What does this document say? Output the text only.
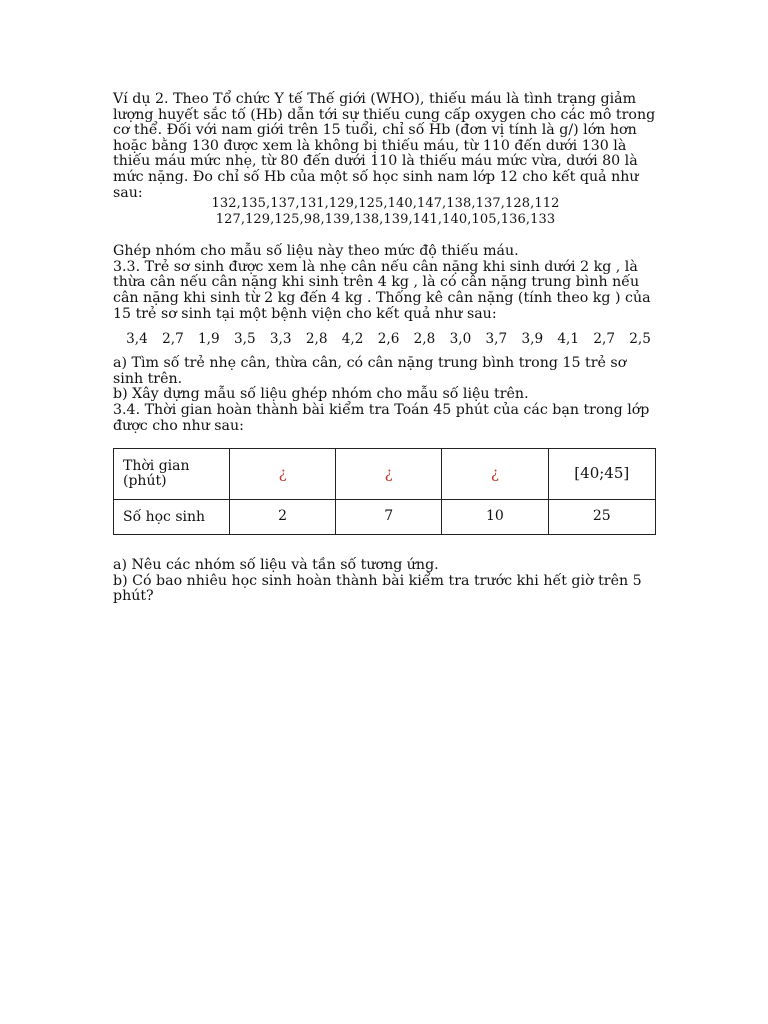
Ví dụ 2. Theo Tổ chức Y tế Thế giới (WHO), thiếu máu là tình trạng giảm lượng huyết sắc tố (Hb) dẫn tới sự thiếu cung cấp oxygen cho các mô trong cơ thể. Đối với nam giới trên 15 tuổi, chỉ số Hb (đơn vị tính là g/) lớn hơn hoặc bằng 130 được xem là không bị thiếu máu, từ 110 đến dưới 130 là thiếu máu mức nhẹ, từ 80 đến dưới 110 là thiếu máu mức vừa, dưới 80 là mức nặng. Đo chỉ số Hb của một số học sinh nam lớp 12 cho kết quả như sau:

132,135,137,131,129,125,140,147,138,137,128,112
127,129,125,98,139,138,139,141,140,105,136,133

Ghép nhóm cho mẫu số liệu này theo mức độ thiếu máu.

3.3. Trẻ sơ sinh được xem là nhẹ cân nếu cân nặng khi sinh dưới 2 kg , là thừa cân nếu cân nặng khi sinh trên 4 kg , là có cân nặng trung bình nếu cân nặng khi sinh từ 2 kg đến 4 kg . Thống kê cân nặng (tính theo kg ) của 15 trẻ sơ sinh tại một bệnh viện cho kết quả như sau:

3,4	2,7	1,9	3,5	3,3	2,8	4,2	2,6	2,8	3,0	3,7	3,9	4,1	2,7	2,5

a) Tìm số trẻ nhẹ cân, thừa cân, có cân nặng trung bình trong 15 trẻ sơ sinh trên.

b) Xây dựng mẫu số liệu ghép nhóm cho mẫu số liệu trên.

3.4. Thời gian hoàn thành bài kiểm tra Toán 45 phút của các bạn trong lớp được cho như sau:

Thời gian (phút)	¿	¿	¿	[40;45]
Số học sinh	2	7	10	25

a) Nêu các nhóm số liệu và tần số tương ứng.

b) Có bao nhiêu học sinh hoàn thành bài kiểm tra trước khi hết giờ trên 5 phút?
